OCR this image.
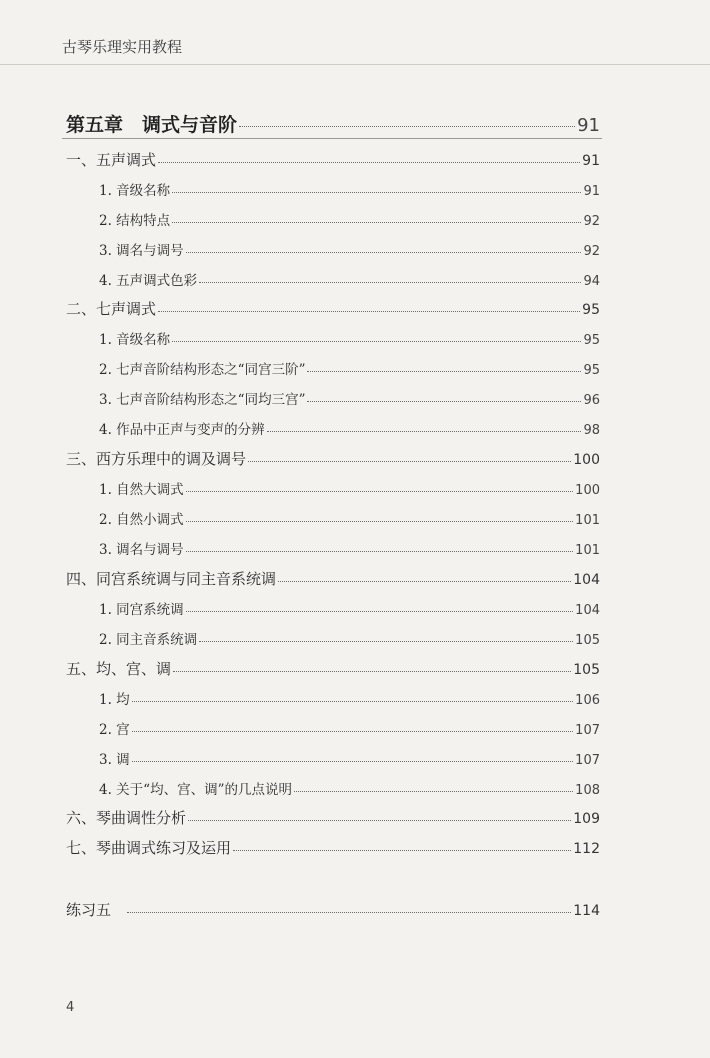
古琴乐理实用教程
第五章　调式与音阶	91
一、五声调式	91
1. 音级名称	91
2. 结构特点	92
3. 调名与调号	92
4. 五声调式色彩	94
二、七声调式	95
1. 音级名称	95
2. 七声音阶结构形态之“同宫三阶”	95
3. 七声音阶结构形态之“同均三宫”	96
4. 作品中正声与变声的分辨	98
三、西方乐理中的调及调号	100
1. 自然大调式	100
2. 自然小调式	101
3. 调名与调号	101
四、同宫系统调与同主音系统调	104
1. 同宫系统调	104
2. 同主音系统调	105
五、均、宫、调	105
1. 均	106
2. 宫	107
3. 调	107
4. 关于“均、宫、调”的几点说明	108
六、琴曲调性分析	109
七、琴曲调式练习及运用	112
练习五	114
4
